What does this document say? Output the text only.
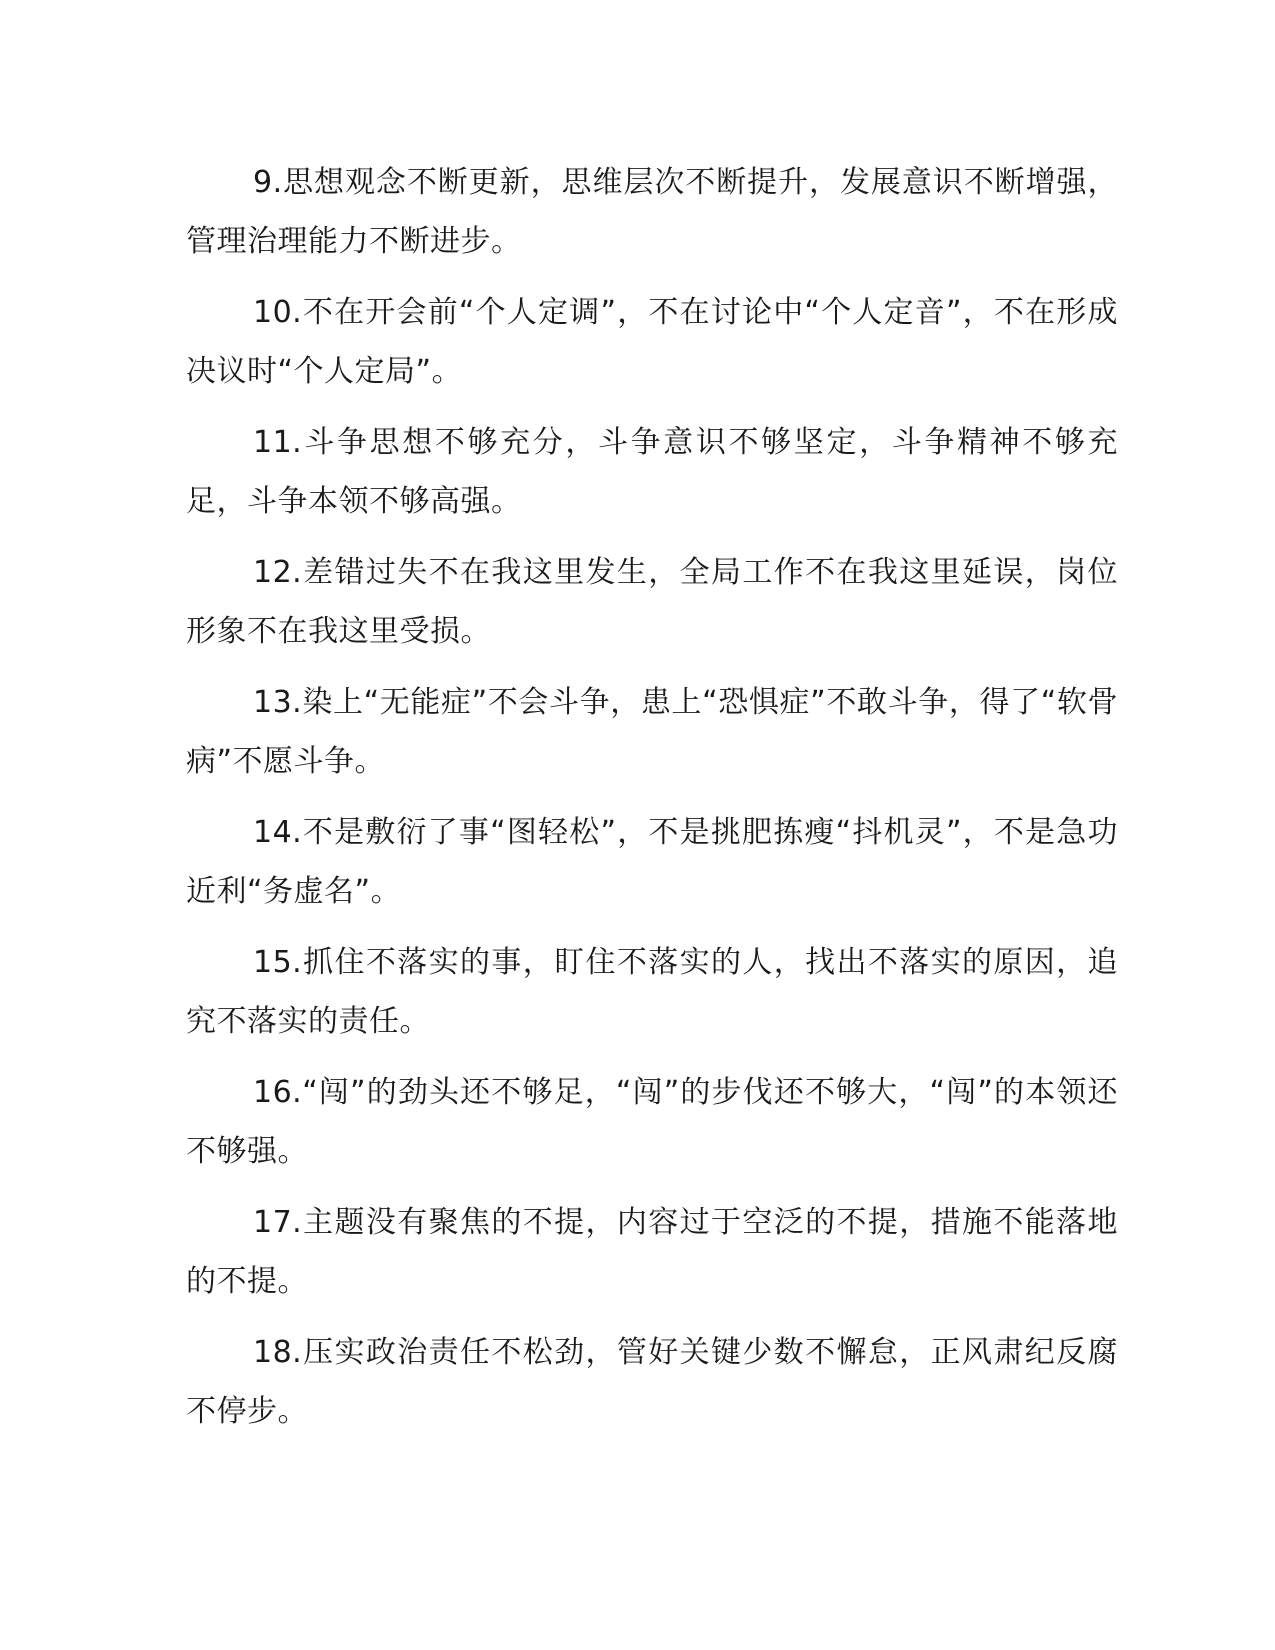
9.思想观念不断更新，思维层次不断提升，发展意识不断增强，管理治理能力不断进步。

10.不在开会前“个人定调”，不在讨论中“个人定音”，不在形成决议时“个人定局”。

11.斗争思想不够充分，斗争意识不够坚定，斗争精神不够充足，斗争本领不够高强。

12.差错过失不在我这里发生，全局工作不在我这里延误，岗位形象不在我这里受损。

13.染上“无能症”不会斗争，患上“恐惧症”不敢斗争，得了“软骨病”不愿斗争。

14.不是敷衍了事“图轻松”，不是挑肥拣瘦“抖机灵”，不是急功近利“务虚名”。

15.抓住不落实的事，盯住不落实的人，找出不落实的原因，追究不落实的责任。

16.“闯”的劲头还不够足，“闯”的步伐还不够大，“闯”的本领还不够强。

17.主题没有聚焦的不提，内容过于空泛的不提，措施不能落地的不提。

18.压实政治责任不松劲，管好关键少数不懈怠，正风肃纪反腐不停步。
